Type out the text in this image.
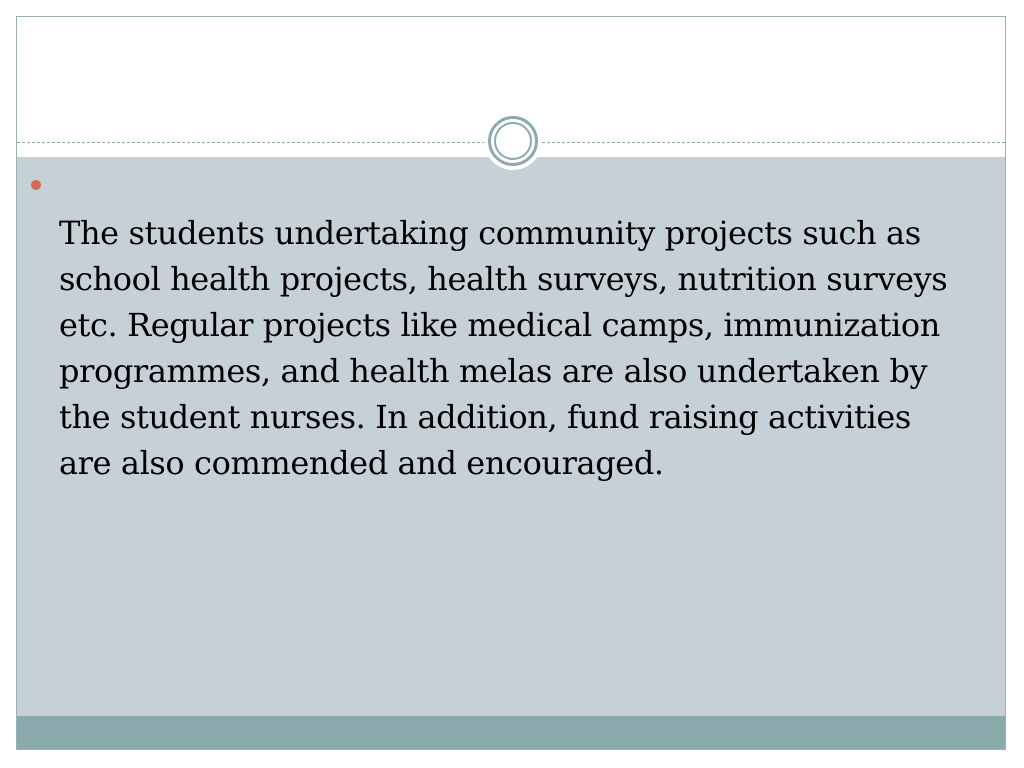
The students undertaking community projects such as school health projects, health surveys, nutrition surveys etc. Regular projects like medical camps, immunization programmes, and health melas are also undertaken by the student nurses. In addition, fund raising activities are also commended and encouraged.
